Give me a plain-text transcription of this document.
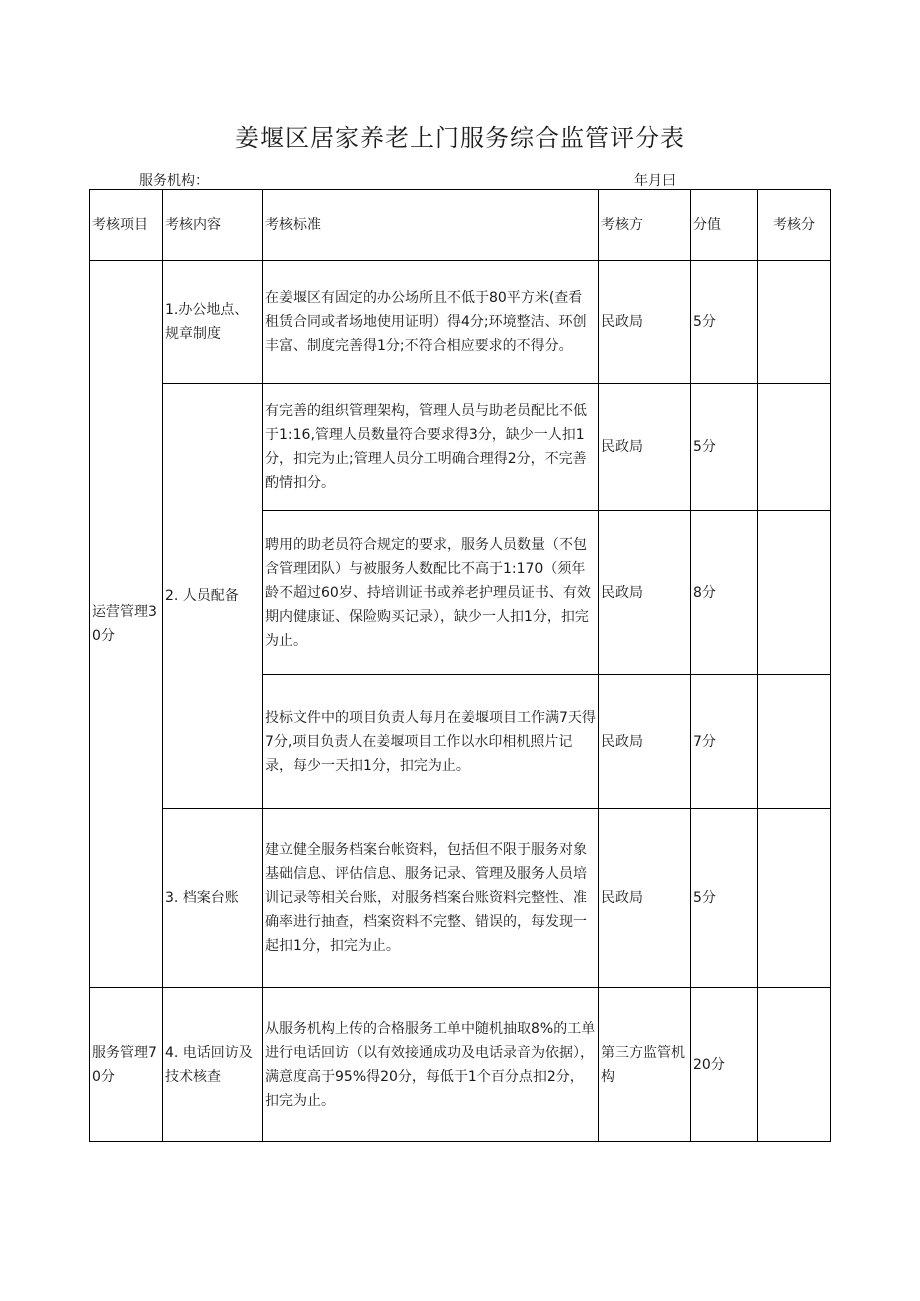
姜堰区居家养老上门服务综合监管评分表
服务机构：	年月曰
考核项目	考核内容	考核标准	考核方	分值	考核分
运营管理30分	1.办公地点、规章制度	在姜堰区有固定的办公场所且不低于80平方米(查看租赁合同或者场地使用证明）得4分;环境整洁、环创丰富、制度完善得1分;不符合相应要求的不得分。	民政局	5分	
	2. 人员配备	有完善的组织管理架构，管理人员与助老员配比不低于1:16,管理人员数量符合要求得3分，缺少一人扣1分，扣完为止;管理人员分工明确合理得2分，不完善酌情扣分。	民政局	5分	
		聘用的助老员符合规定的要求，服务人员数量（不包含管理团队）与被服务人数配比不高于1:170（须年龄不超过60岁、持培训证书或养老护理员证书、有效期内健康证、保险购买记录），缺少一人扣1分，扣完为止。	民政局	8分	
		投标文件中的项目负责人每月在姜堰项目工作满7天得7分,项目负责人在姜堰项目工作以水印相机照片记录，每少一天扣1分，扣完为止。	民政局	7分	
	3. 档案台账	建立健全服务档案台帐资料，包括但不限于服务对象基础信息、评估信息、服务记录、管理及服务人员培训记录等相关台账，对服务档案台账资料完整性、准确率进行抽查，档案资料不完整、错误的，每发现一起扣1分，扣完为止。	民政局	5分	
服务管理70分	4. 电话回访及技术核查	从服务机构上传的合格服务工单中随机抽取8%的工单进行电话回访（以有效接通成功及电话录音为依据），满意度高于95%得20分，每低于1个百分点扣2分，扣完为止。	第三方监管机构	20分	
